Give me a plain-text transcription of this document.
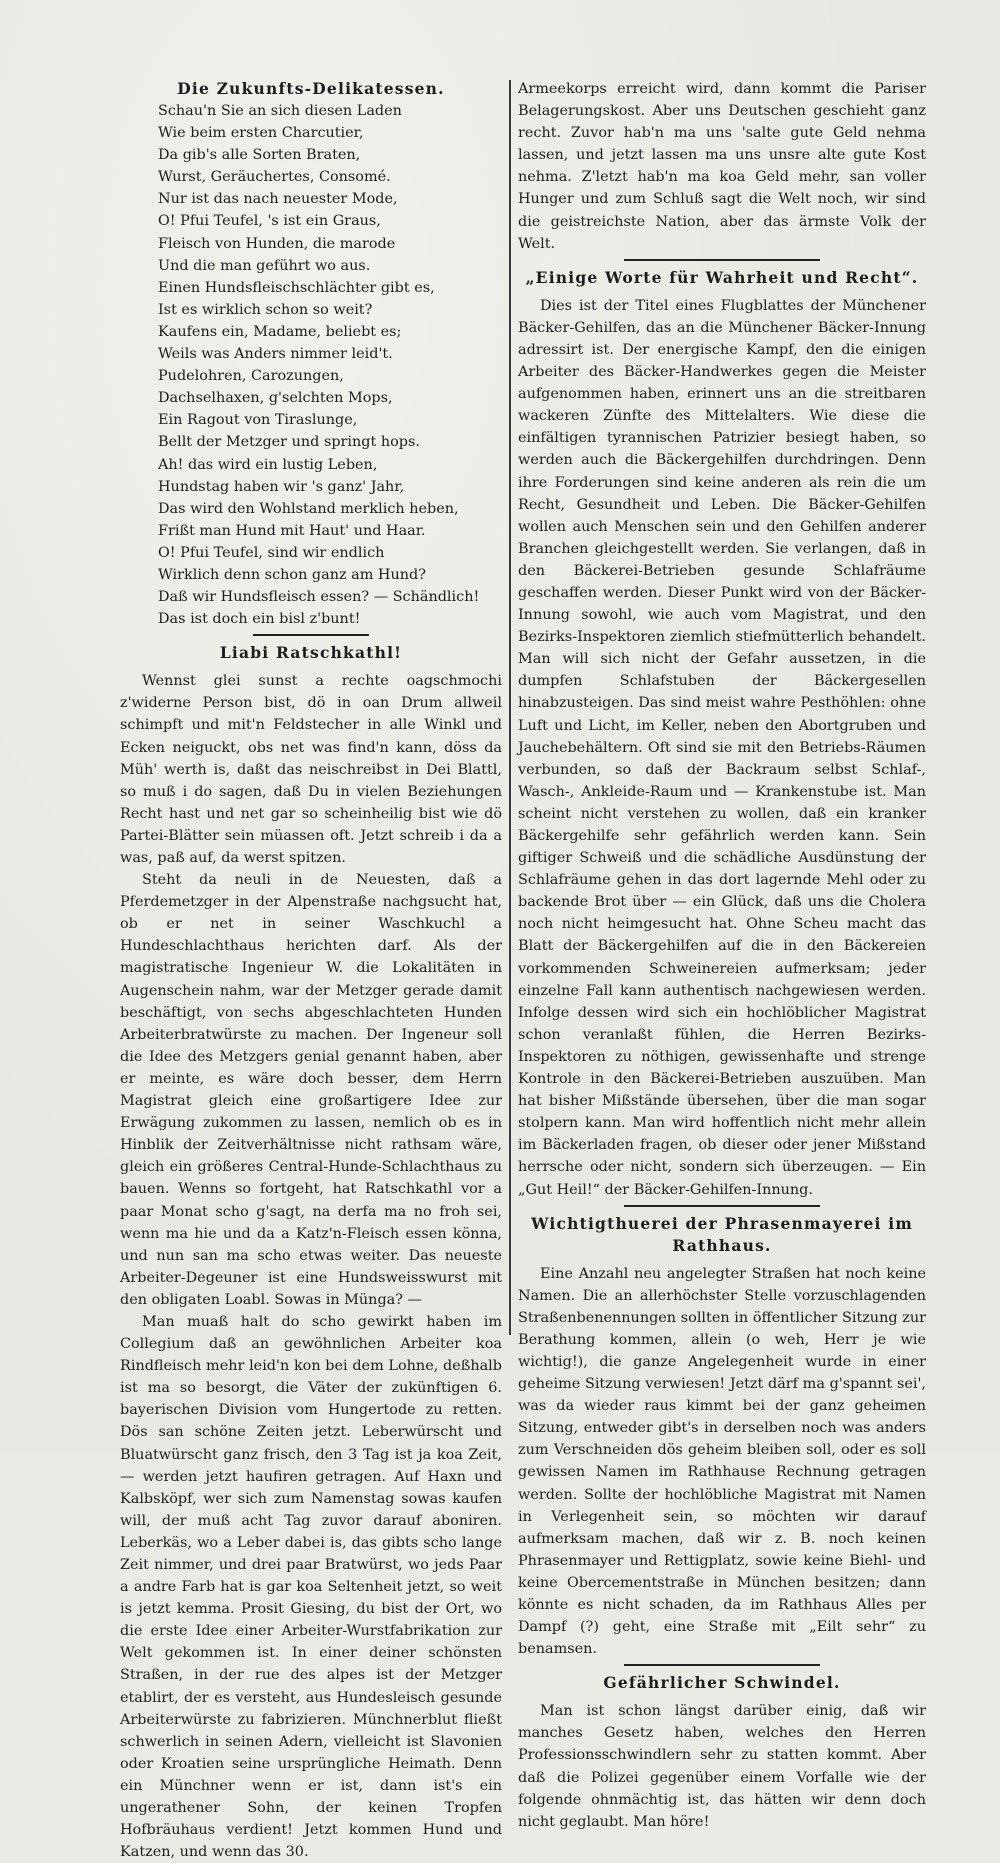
Die Zukunfts-Delikatessen.
Schau'n Sie an sich diesen Laden
Wie beim ersten Charcutier,
Da gib's alle Sorten Braten,
Wurst, Geräuchertes, Consomé.
Nur ist das nach neuester Mode,
O! Pfui Teufel, 's ist ein Graus,
Fleisch von Hunden, die marode
Und die man geführt wo aus.
Einen Hundsfleischschlächter gibt es,
Ist es wirklich schon so weit?
Kaufens ein, Madame, beliebt es;
Weils was Anders nimmer leid't.
Pudelohren, Carozungen,
Dachselhaxen, g'selchten Mops,
Ein Ragout von Tiraslunge,
Bellt der Metzger und springt hops.
Ah! das wird ein lustig Leben,
Hundstag haben wir 's ganz' Jahr,
Das wird den Wohlstand merklich heben,
Frißt man Hund mit Haut' und Haar.
O! Pfui Teufel, sind wir endlich
Wirklich denn schon ganz am Hund?
Daß wir Hundsfleisch essen? — Schändlich!
Das ist doch ein bisl z'bunt!
Liabi Ratschkathl!

Wennst glei sunst a rechte oagschmochi z'widerne Person bist, dö in oan Drum allweil schimpft und mit'n Feldstecher in alle Winkl und Ecken neiguckt, obs net was find'n kann, döss da Müh' werth is, daßt das neischreibst in Dei Blattl, so muß i do sagen, daß Du in vielen Beziehungen Recht hast und net gar so scheinheilig bist wie dö Partei-Blätter sein müassen oft. Jetzt schreib i da a was, paß auf, da werst spitzen.

Steht da neuli in de Neuesten, daß a Pferdemetzger in der Alpenstraße nachgsucht hat, ob er net in seiner Waschkuchl a Hundeschlachthaus herichten darf. Als der magistratische Ingenieur W. die Lokalitäten in Augenschein nahm, war der Metzger gerade damit beschäftigt, von sechs abgeschlachteten Hunden Arbeiterbratwürste zu machen. Der Ingeneur soll die Idee des Metzgers genial genannt haben, aber er meinte, es wäre doch besser, dem Herrn Magistrat gleich eine großartigere Idee zur Erwägung zukommen zu lassen, nemlich ob es in Hinblik der Zeitverhältnisse nicht rathsam wäre, gleich ein größeres Central-Hunde-Schlachthaus zu bauen. Wenns so fortgeht, hat Ratschkathl vor a paar Monat scho g'sagt, na derfa ma no froh sei, wenn ma hie und da a Katz'n-Fleisch essen könna, und nun san ma scho etwas weiter. Das neueste Arbeiter-Degeuner ist eine Hundsweisswurst mit den obligaten Loabl. Sowas in Münga? —

Man muaß halt do scho gewirkt haben im Collegium daß an gewöhnlichen Arbeiter koa Rindfleisch mehr leid'n kon bei dem Lohne, deßhalb ist ma so besorgt, die Väter der zukünftigen 6. bayerischen Division vom Hungertode zu retten. Dös san schöne Zeiten jetzt. Leberwürscht und Bluatwürscht ganz frisch, den 3 Tag ist ja koa Zeit, — werden jetzt haufiren getragen. Auf Haxn und Kalbsköpf, wer sich zum Namenstag sowas kaufen will, der muß acht Tag zuvor darauf aboniren. Leberkäs, wo a Leber dabei is, das gibts scho lange Zeit nimmer, und drei paar Bratwürst, wo jeds Paar a andre Farb hat is gar koa Seltenheit jetzt, so weit is jetzt kemma. Prosit Giesing, du bist der Ort, wo die erste Idee einer Arbeiter-Wurstfabrikation zur Welt gekommen ist. In einer deiner schönsten Straßen, in der rue des alpes ist der Metzger etablirt, der es versteht, aus Hundesleisch gesunde Arbeiterwürste zu fabrizieren. Münchnerblut fließt schwerlich in seinen Adern, vielleicht ist Slavonien oder Kroatien seine ursprüngliche Heimath. Denn ein Münchner wenn er ist, dann ist's ein ungerathener Sohn, der keinen Tropfen Hofbräuhaus verdient! Jetzt kommen Hund und Katzen, und wenn das 30.

Armeekorps erreicht wird, dann kommt die Pariser Belagerungskost. Aber uns Deutschen geschieht ganz recht. Zuvor hab'n ma uns 'salte gute Geld nehma lassen, und jetzt lassen ma uns unsre alte gute Kost nehma. Z'letzt hab'n ma koa Geld mehr, san voller Hunger und zum Schluß sagt die Welt noch, wir sind die geistreichste Nation, aber das ärmste Volk der Welt.

„Einige Worte für Wahrheit und Recht“.

Dies ist der Titel eines Flugblattes der Münchener Bäcker-Gehilfen, das an die Münchener Bäcker-Innung adressirt ist. Der energische Kampf, den die einigen Arbeiter des Bäcker-Handwerkes gegen die Meister aufgenommen haben, erinnert uns an die streitbaren wackeren Zünfte des Mittelalters. Wie diese die einfältigen tyrannischen Patrizier besiegt haben, so werden auch die Bäckergehilfen durchdringen. Denn ihre Forderungen sind keine anderen als rein die um Recht, Gesundheit und Leben. Die Bäcker-Gehilfen wollen auch Menschen sein und den Gehilfen anderer Branchen gleichgestellt werden. Sie verlangen, daß in den Bäckerei-Betrieben gesunde Schlafräume geschaffen werden. Dieser Punkt wird von der Bäcker-Innung sowohl, wie auch vom Magistrat, und den Bezirks-Inspektoren ziemlich stiefmütterlich behandelt. Man will sich nicht der Gefahr aussetzen, in die dumpfen Schlafstuben der Bäckergesellen hinabzusteigen. Das sind meist wahre Pesthöhlen: ohne Luft und Licht, im Keller, neben den Abortgruben und Jauchebehältern. Oft sind sie mit den Betriebs-Räumen verbunden, so daß der Backraum selbst Schlaf-, Wasch-, Ankleide-Raum und — Krankenstube ist. Man scheint nicht verstehen zu wollen, daß ein kranker Bäckergehilfe sehr gefährlich werden kann. Sein giftiger Schweiß und die schädliche Ausdünstung der Schlafräume gehen in das dort lagernde Mehl oder zu backende Brot über — ein Glück, daß uns die Cholera noch nicht heimgesucht hat. Ohne Scheu macht das Blatt der Bäckergehilfen auf die in den Bäckereien vorkommenden Schweinereien aufmerksam; jeder einzelne Fall kann authentisch nachgewiesen werden. Infolge dessen wird sich ein hochlöblicher Magistrat schon veranlaßt fühlen, die Herren Bezirks-Inspektoren zu nöthigen, gewissenhafte und strenge Kontrole in den Bäckerei-Betrieben auszuüben. Man hat bisher Mißstände übersehen, über die man sogar stolpern kann. Man wird hoffentlich nicht mehr allein im Bäckerladen fragen, ob dieser oder jener Mißstand herrsche oder nicht, sondern sich überzeugen. — Ein „Gut Heil!“ der Bäcker-Gehilfen-Innung.

Wichtigthuerei der Phrasenmayerei im Rathhaus.

Eine Anzahl neu angelegter Straßen hat noch keine Namen. Die an allerhöchster Stelle vorzuschlagenden Straßenbenennungen sollten in öffentlicher Sitzung zur Berathung kommen, allein (o weh, Herr je wie wichtig!), die ganze Angelegenheit wurde in einer geheime Sitzung verwiesen! Jetzt därf ma g'spannt sei', was da wieder raus kimmt bei der ganz geheimen Sitzung, entweder gibt's in derselben noch was anders zum Verschneiden dös geheim bleiben soll, oder es soll gewissen Namen im Rathhause Rechnung getragen werden. Sollte der hochlöbliche Magistrat mit Namen in Verlegenheit sein, so möchten wir darauf aufmerksam machen, daß wir z. B. noch keinen Phrasenmayer und Rettigplatz, sowie keine Biehl- und keine Obercementstraße in München besitzen; dann könnte es nicht schaden, da im Rathhaus Alles per Dampf (?) geht, eine Straße mit „Eilt sehr“ zu benamsen.

Gefährlicher Schwindel.

Man ist schon längst darüber einig, daß wir manches Gesetz haben, welches den Herren Professionsschwindlern sehr zu statten kommt. Aber daß die Polizei gegenüber einem Vorfalle wie der folgende ohnmächtig ist, das hätten wir denn doch nicht geglaubt. Man höre!
